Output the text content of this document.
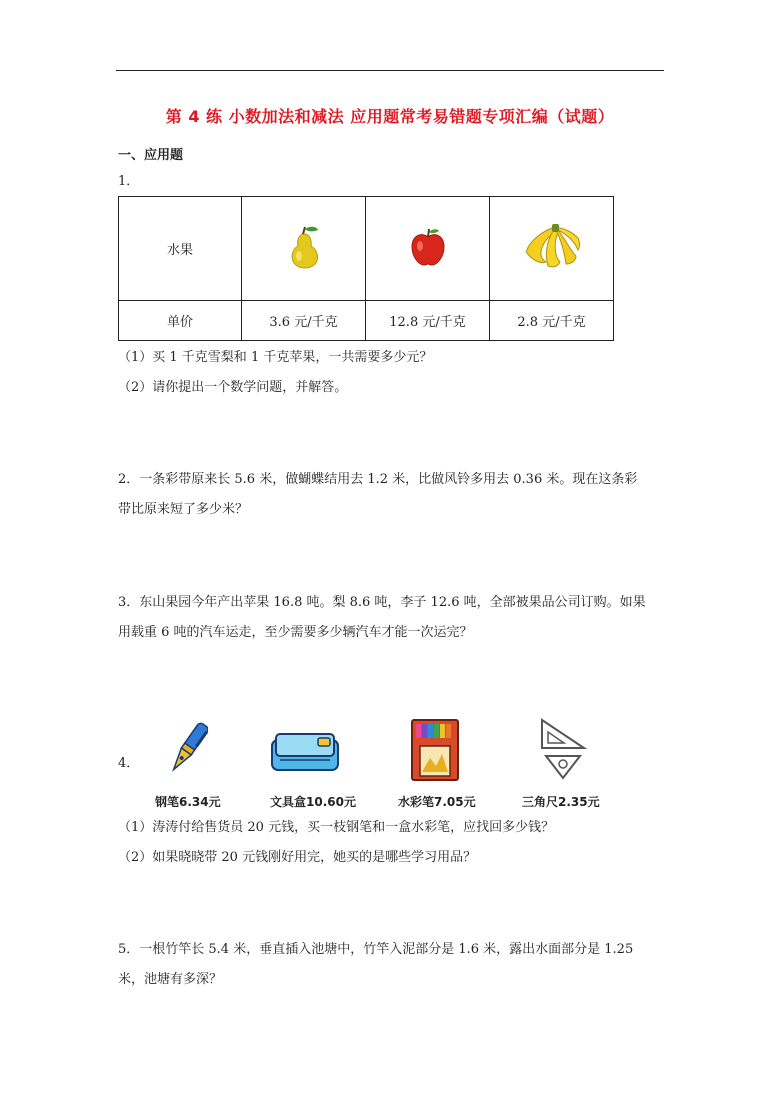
第 4 练 小数加法和减法 应用题常考易错题专项汇编（试题）
一、应用题
1．
水果			
单价	3.6 元/千克	12.8 元/千克	2.8 元/千克
（1）买 1 千克雪梨和 1 千克苹果，一共需要多少元？
（2）请你提出一个数学问题，并解答。
2．一条彩带原来长 5.6 米，做蝴蝶结用去 1.2 米，比做风铃多用去 0.36 米。现在这条彩
带比原来短了多少米？
3．东山果园今年产出苹果 16.8 吨。梨 8.6 吨，李子 12.6 吨，全部被果品公司订购。如果
用载重 6 吨的汽车运走，至少需要多少辆汽车才能一次运完？
4．
钢笔6.34元	文具盒10.60元	水彩笔7.05元	三角尺2.35元
（1）涛涛付给售货员 20 元钱，买一枝钢笔和一盒水彩笔，应找回多少钱？
（2）如果晓晓带 20 元钱刚好用完，她买的是哪些学习用品？
5．一根竹竿长 5.4 米，垂直插入池塘中，竹竿入泥部分是 1.6 米，露出水面部分是 1.25
米，池塘有多深？
